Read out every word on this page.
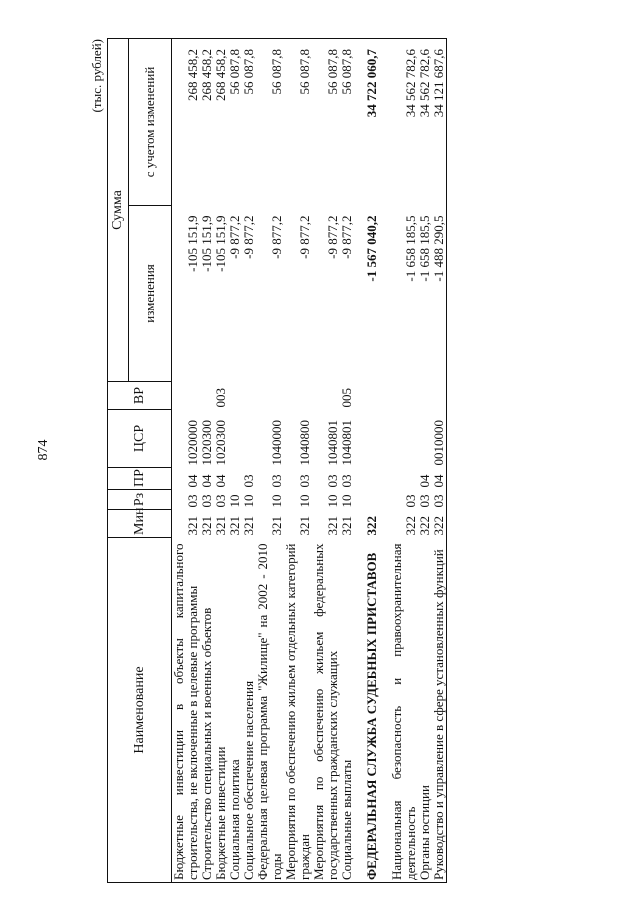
874
(тыс. рублей)
Наименование	Мин	Рз	ПР	ЦСР	ВР	Сумма	
						изменения	с учетом изменений
Бюджетные инвестиции в объекты капитального строительства, не включенные в целевые программы	321	03	04	1020000		-105 151,9	268 458,2
Строительство специальных и военных объектов	321	03	04	1020300		-105 151,9	268 458,2
Бюджетные инвестиции	321	03	04	1020300	003	-105 151,9	268 458,2
Социальная политика	321	10				-9 877,2	56 087,8
Социальное обеспечение населения	321	10	03			-9 877,2	56 087,8
Федеральная целевая программа "Жилище" на 2002 - 2010 годы	321	10	03	1040000		-9 877,2	56 087,8
Мероприятия по обеспечению жильем отдельных категорий граждан	321	10	03	1040800		-9 877,2	56 087,8
Мероприятия по обеспечению жильем федеральных государственных гражданских служащих	321	10	03	1040801		-9 877,2	56 087,8
Социальные выплаты	321	10	03	1040801	005	-9 877,2	56 087,8

ФЕДЕРАЛЬНАЯ СЛУЖБА СУДЕБНЫХ ПРИСТАВОВ	322					-1 567 040,2	34 722 060,7

Национальная безопасность и правоохранительная деятельность	322	03				-1 658 185,5	34 562 782,6
Органы юстиции	322	03	04			-1 658 185,5	34 562 782,6
Руководство и управление в сфере установленных функций	322	03	04	0010000		-1 488 290,5	34 121 687,6
